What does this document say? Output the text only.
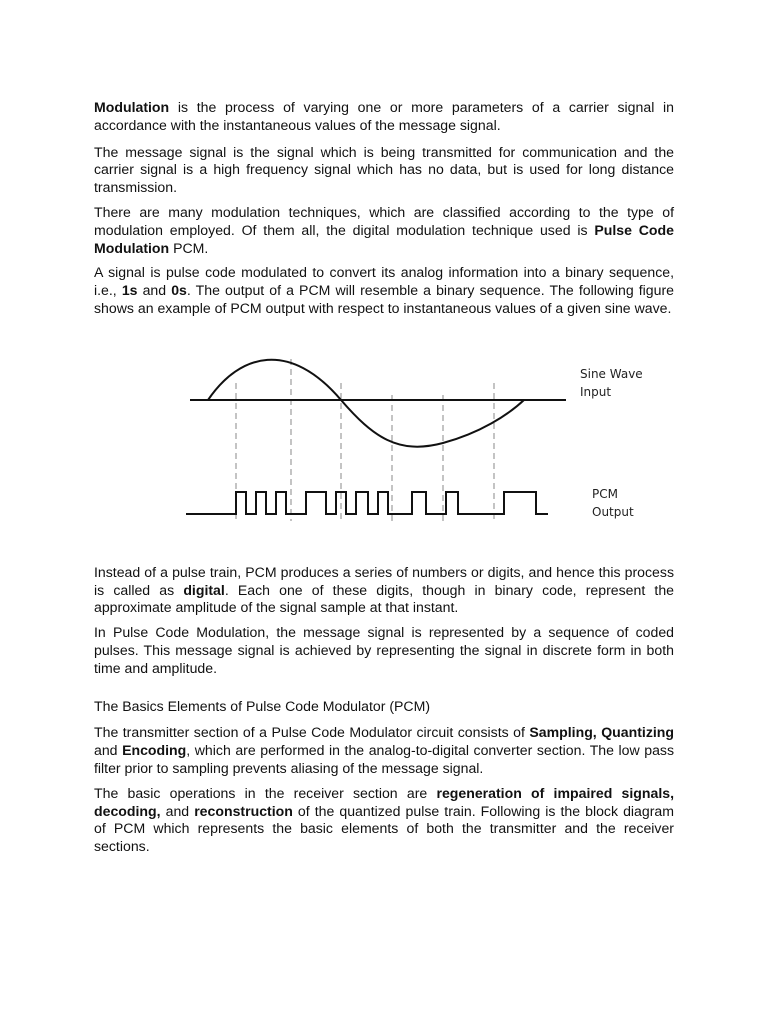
Modulation is the process of varying one or more parameters of a carrier signal in accordance with the instantaneous values of the message signal.

The message signal is the signal which is being transmitted for communication and the carrier signal is a high frequency signal which has no data, but is used for long distance transmission.

There are many modulation techniques, which are classified according to the type of modulation employed. Of them all, the digital modulation technique used is Pulse Code Modulation PCM.

A signal is pulse code modulated to convert its analog information into a binary sequence, i.e., 1s and 0s. The output of a PCM will resemble a binary sequence. The following figure shows an example of PCM output with respect to instantaneous values of a given sine wave.

Sine Wave
Input
PCM
Output

Instead of a pulse train, PCM produces a series of numbers or digits, and hence this process is called as digital. Each one of these digits, though in binary code, represent the approximate amplitude of the signal sample at that instant.

In Pulse Code Modulation, the message signal is represented by a sequence of coded pulses. This message signal is achieved by representing the signal in discrete form in both time and amplitude.

The Basics Elements of Pulse Code Modulator (PCM)

The transmitter section of a Pulse Code Modulator circuit consists of Sampling, Quantizing and Encoding, which are performed in the analog-to-digital converter section. The low pass filter prior to sampling prevents aliasing of the message signal.

The basic operations in the receiver section are regeneration of impaired signals, decoding, and reconstruction of the quantized pulse train. Following is the block diagram of PCM which represents the basic elements of both the transmitter and the receiver sections.
